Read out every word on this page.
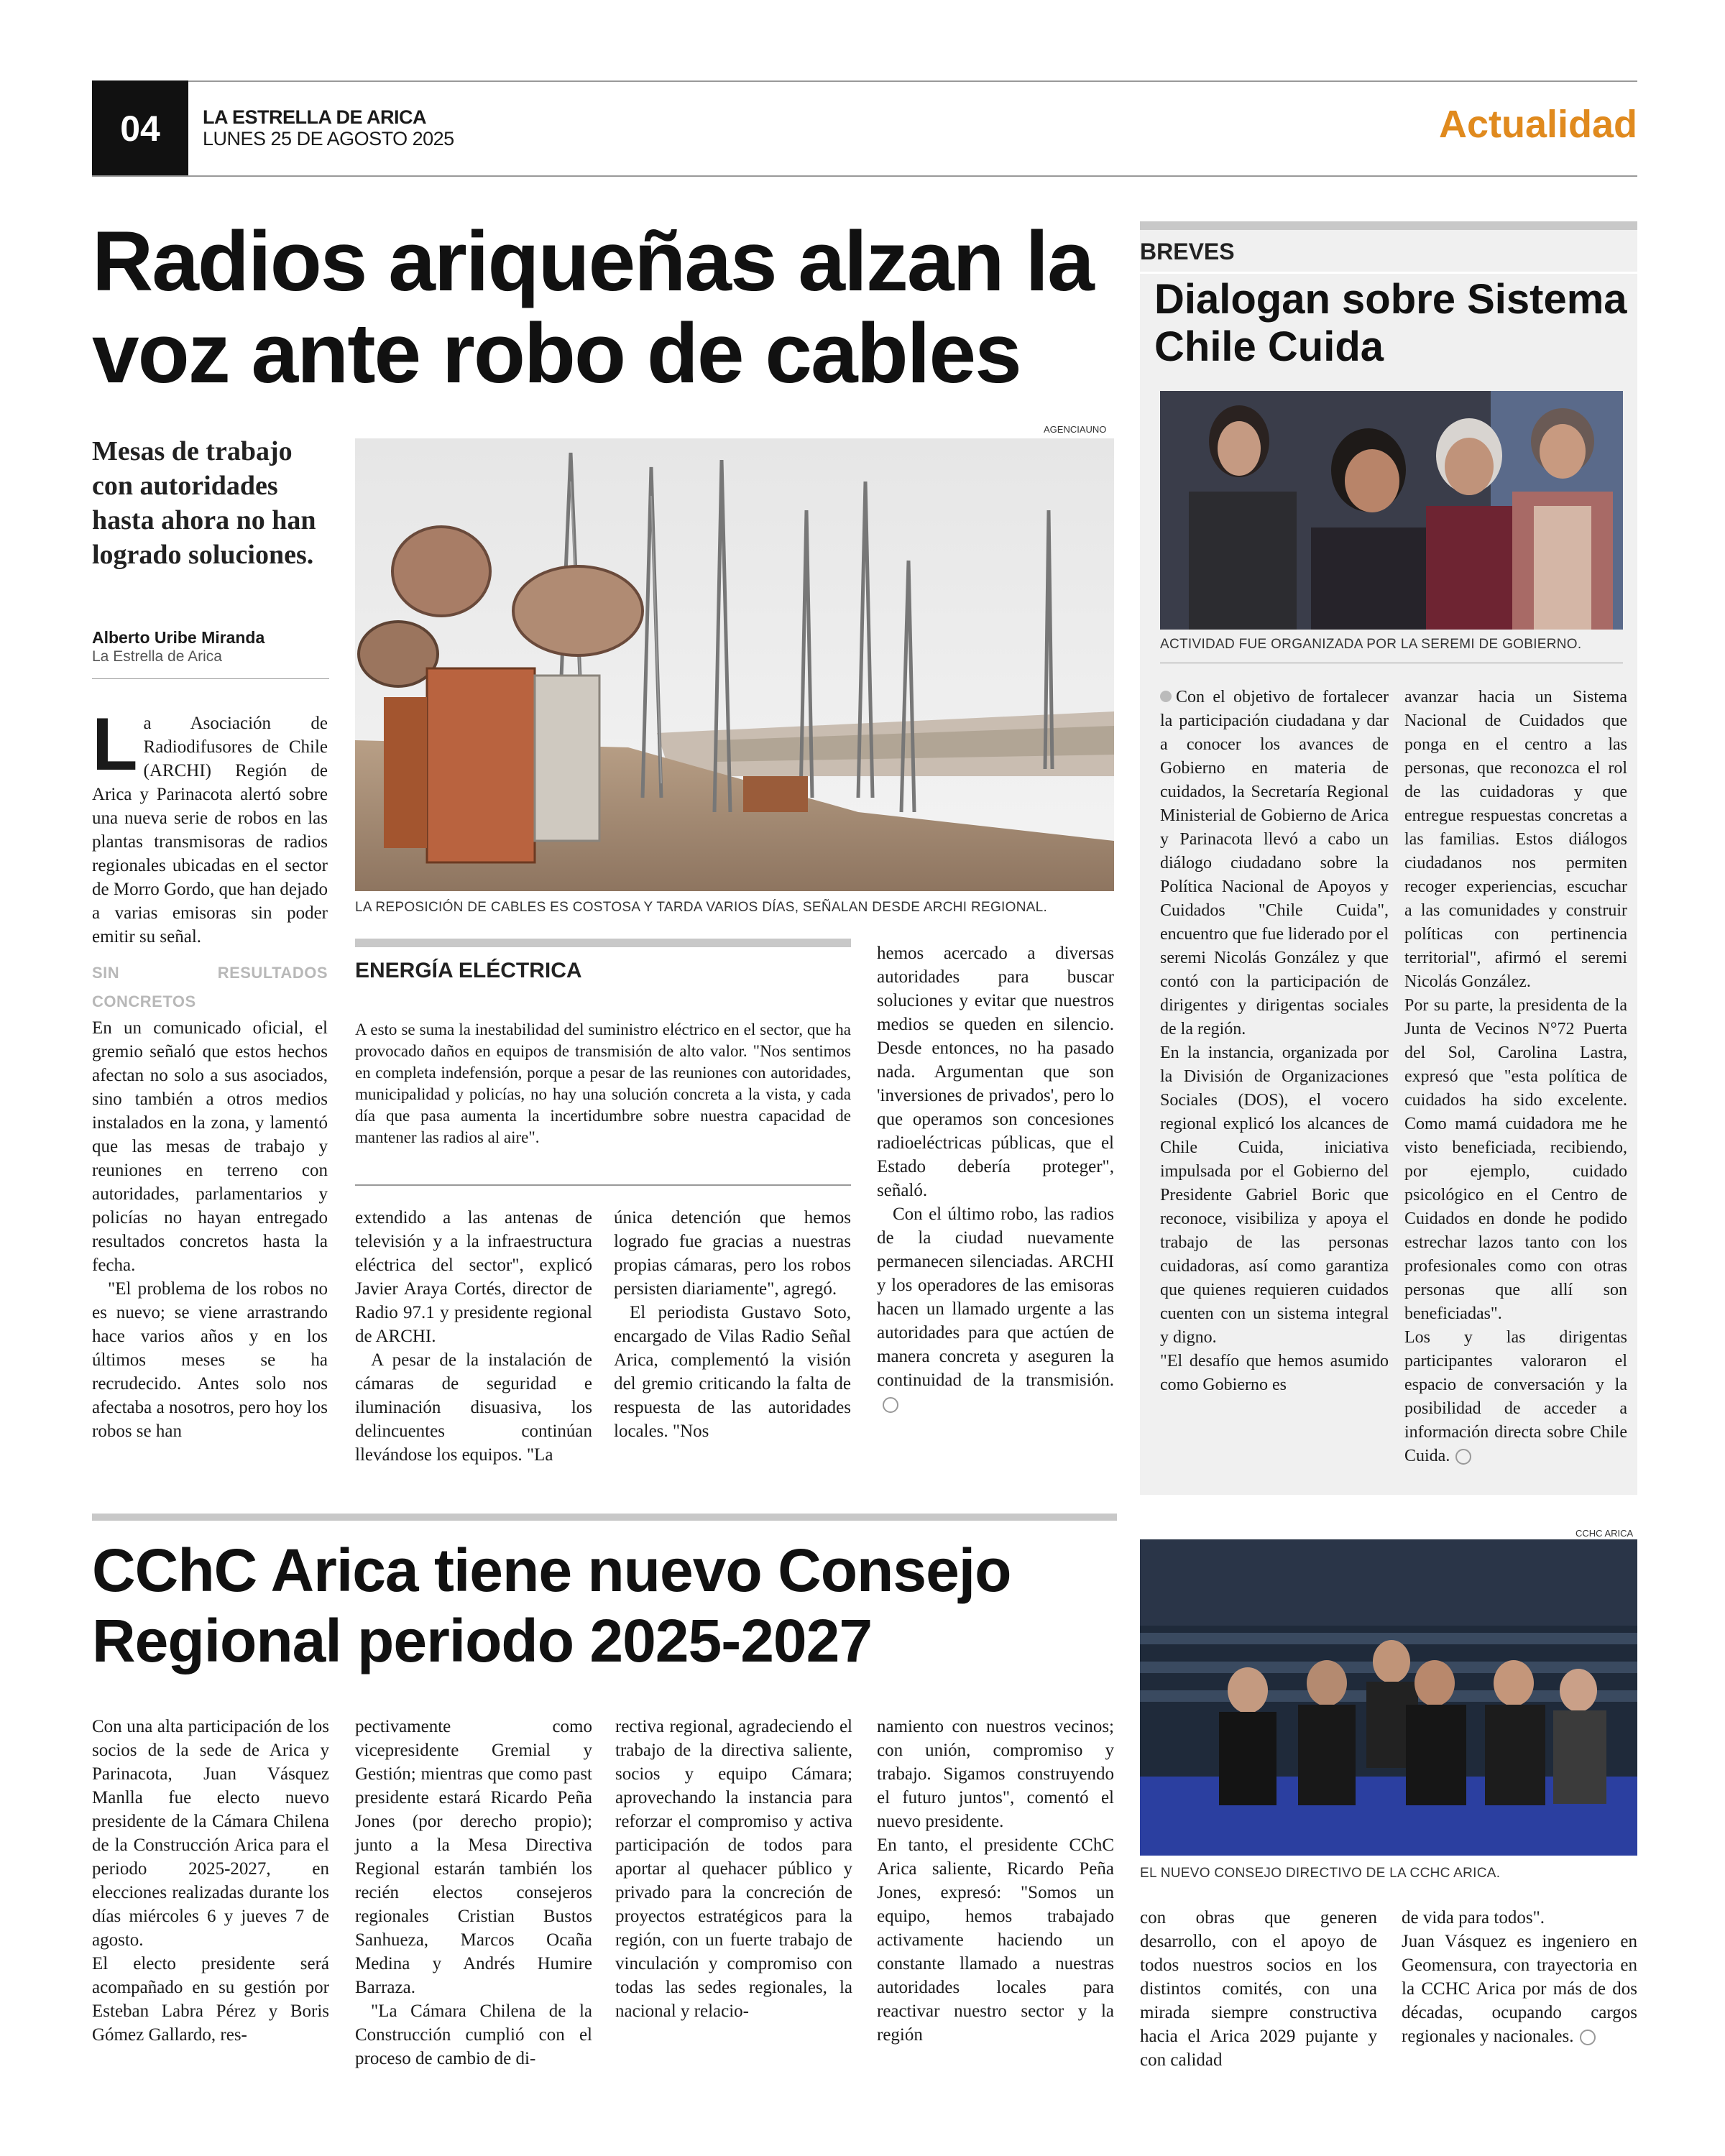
04	LA ESTRELLA DE ARICA
LUNES 25 DE AGOSTO 2025	Actualidad
Radios ariqueñas alzan la voz ante robo de cables
Mesas de trabajo con autoridades hasta ahora no han logrado soluciones.
Alberto Uribe Miranda
La Estrella de Arica
AGENCIAUNO
LA REPOSICIÓN DE CABLES ES COSTOSA Y TARDA VARIOS DÍAS, SEÑALAN DESDE ARCHI REGIONAL.

La Asociación de Radiodifusores de Chile (ARCHI) Región de Arica y Parinacota alertó sobre una nueva serie de robos en las plantas transmisoras de radios regionales ubicadas en el sector de Morro Gordo, que han dejado a varias emisoras sin poder emitir su señal.

SIN RESULTADOS CONCRETOS

En un comunicado oficial, el gremio señaló que estos hechos afectan no solo a sus asociados, sino también a otros medios instalados en la zona, y lamentó que las mesas de trabajo y reuniones en terreno con autoridades, parlamentarios y policías no hayan entregado resultados concretos hasta la fecha.

"El problema de los robos no es nuevo; se viene arrastrando hace varios años y en los últimos meses se ha recrudecido. Antes solo nos afectaba a nosotros, pero hoy los robos se han

ENERGÍA ELÉCTRICA
A esto se suma la inestabilidad del suministro eléctrico en el sector, que ha provocado daños en equipos de transmisión de alto valor. "Nos sentimos en completa indefensión, porque a pesar de las reuniones con autoridades, municipalidad y policías, no hay una solución concreta a la vista, y cada día que pasa aumenta la incertidumbre sobre nuestra capacidad de mantener las radios al aire".

extendido a las antenas de televisión y a la infraestructura eléctrica del sector", explicó Javier Araya Cortés, director de Radio 97.1 y presidente regional de ARCHI.

A pesar de la instalación de cámaras de seguridad e iluminación disuasiva, los delincuentes continúan llevándose los equipos. "La

única detención que hemos logrado fue gracias a nuestras propias cámaras, pero los robos persisten diariamente", agregó.

El periodista Gustavo Soto, encargado de Vilas Radio Señal Arica, complementó la visión del gremio criticando la falta de respuesta de las autoridades locales. "Nos

hemos acercado a diversas autoridades para buscar soluciones y evitar que nuestros medios se queden en silencio. Desde entonces, no ha pasado nada. Argumentan que son 'inversiones de privados', pero lo que operamos son concesiones radioeléctricas públicas, que el Estado debería proteger", señaló.

Con el último robo, las radios de la ciudad nuevamente permanecen silenciadas. ARCHI y los operadores de las emisoras hacen un llamado urgente a las autoridades para que actúen de manera concreta y aseguren la continuidad de la transmisión.

BREVES
Dialogan sobre Sistema Chile Cuida
ACTIVIDAD FUE ORGANIZADA POR LA SEREMI DE GOBIERNO.

Con el objetivo de fortalecer la participación ciudadana y dar a conocer los avances de Gobierno en materia de cuidados, la Secretaría Regional Ministerial de Gobierno de Arica y Parinacota llevó a cabo un diálogo ciudadano sobre la Política Nacional de Apoyos y Cuidados "Chile Cuida", encuentro que fue liderado por el seremi Nicolás González y que contó con la participación de dirigentes y dirigentas sociales de la región.

En la instancia, organizada por la División de Organizaciones Sociales (DOS), el vocero regional explicó los alcances de Chile Cuida, iniciativa impulsada por el Gobierno del Presidente Gabriel Boric que reconoce, visibiliza y apoya el trabajo de las personas cuidadoras, así como garantiza que quienes requieren cuidados cuenten con un sistema integral y digno.

"El desafío que hemos asumido como Gobierno es

avanzar hacia un Sistema Nacional de Cuidados que ponga en el centro a las personas, que reconozca el rol de las cuidadoras y que entregue respuestas concretas a las familias. Estos diálogos ciudadanos nos permiten recoger experiencias, escuchar a las comunidades y construir políticas con pertinencia territorial", afirmó el seremi Nicolás González.

Por su parte, la presidenta de la Junta de Vecinos N°72 Puerta del Sol, Carolina Lastra, expresó que "esta política de cuidados ha sido excelente. Como mamá cuidadora me he visto beneficiada, recibiendo, por ejemplo, cuidado psicológico en el Centro de Cuidados en donde he podido estrechar lazos tanto con los profesionales como con otras personas que allí son beneficiadas".

Los y las dirigentas participantes valoraron el espacio de conversación y la posibilidad de acceder a información directa sobre Chile Cuida.

CChC Arica tiene nuevo Consejo Regional periodo 2025-2027
CCHC ARICA
EL NUEVO CONSEJO DIRECTIVO DE LA CCHC ARICA.

Con una alta participación de los socios de la sede de Arica y Parinacota, Juan Vásquez Manlla fue electo nuevo presidente de la Cámara Chilena de la Construcción Arica para el periodo 2025-2027, en elecciones realizadas durante los días miércoles 6 y jueves 7 de agosto.

El electo presidente será acompañado en su gestión por Esteban Labra Pérez y Boris Gómez Gallardo, res-

pectivamente como vicepresidente Gremial y Gestión; mientras que como past presidente estará Ricardo Peña Jones (por derecho propio); junto a la Mesa Directiva Regional estarán también los recién electos consejeros regionales Cristian Bustos Sanhueza, Marcos Ocaña Medina y Andrés Humire Barraza.

"La Cámara Chilena de la Construcción cumplió con el proceso de cambio de di-

rectiva regional, agradeciendo el trabajo de la directiva saliente, socios y equipo Cámara; aprovechando la instancia para reforzar el compromiso y activa participación de todos para aportar al quehacer público y privado para la concreción de proyectos estratégicos para la región, con un fuerte trabajo de vinculación y compromiso con todas las sedes regionales, la nacional y relacio-

namiento con nuestros vecinos; con unión, compromiso y trabajo. Sigamos construyendo el futuro juntos", comentó el nuevo presidente.

En tanto, el presidente CChC Arica saliente, Ricardo Peña Jones, expresó: "Somos un equipo, hemos trabajado activamente haciendo un constante llamado a nuestras autoridades locales para reactivar nuestro sector y la región

con obras que generen desarrollo, con el apoyo de todos nuestros socios en los distintos comités, con una mirada siempre constructiva hacia el Arica 2029 pujante y con calidad

de vida para todos".

Juan Vásquez es ingeniero en Geomensura, con trayectoria en la CCHC Arica por más de dos décadas, ocupando cargos regionales y nacionales.
